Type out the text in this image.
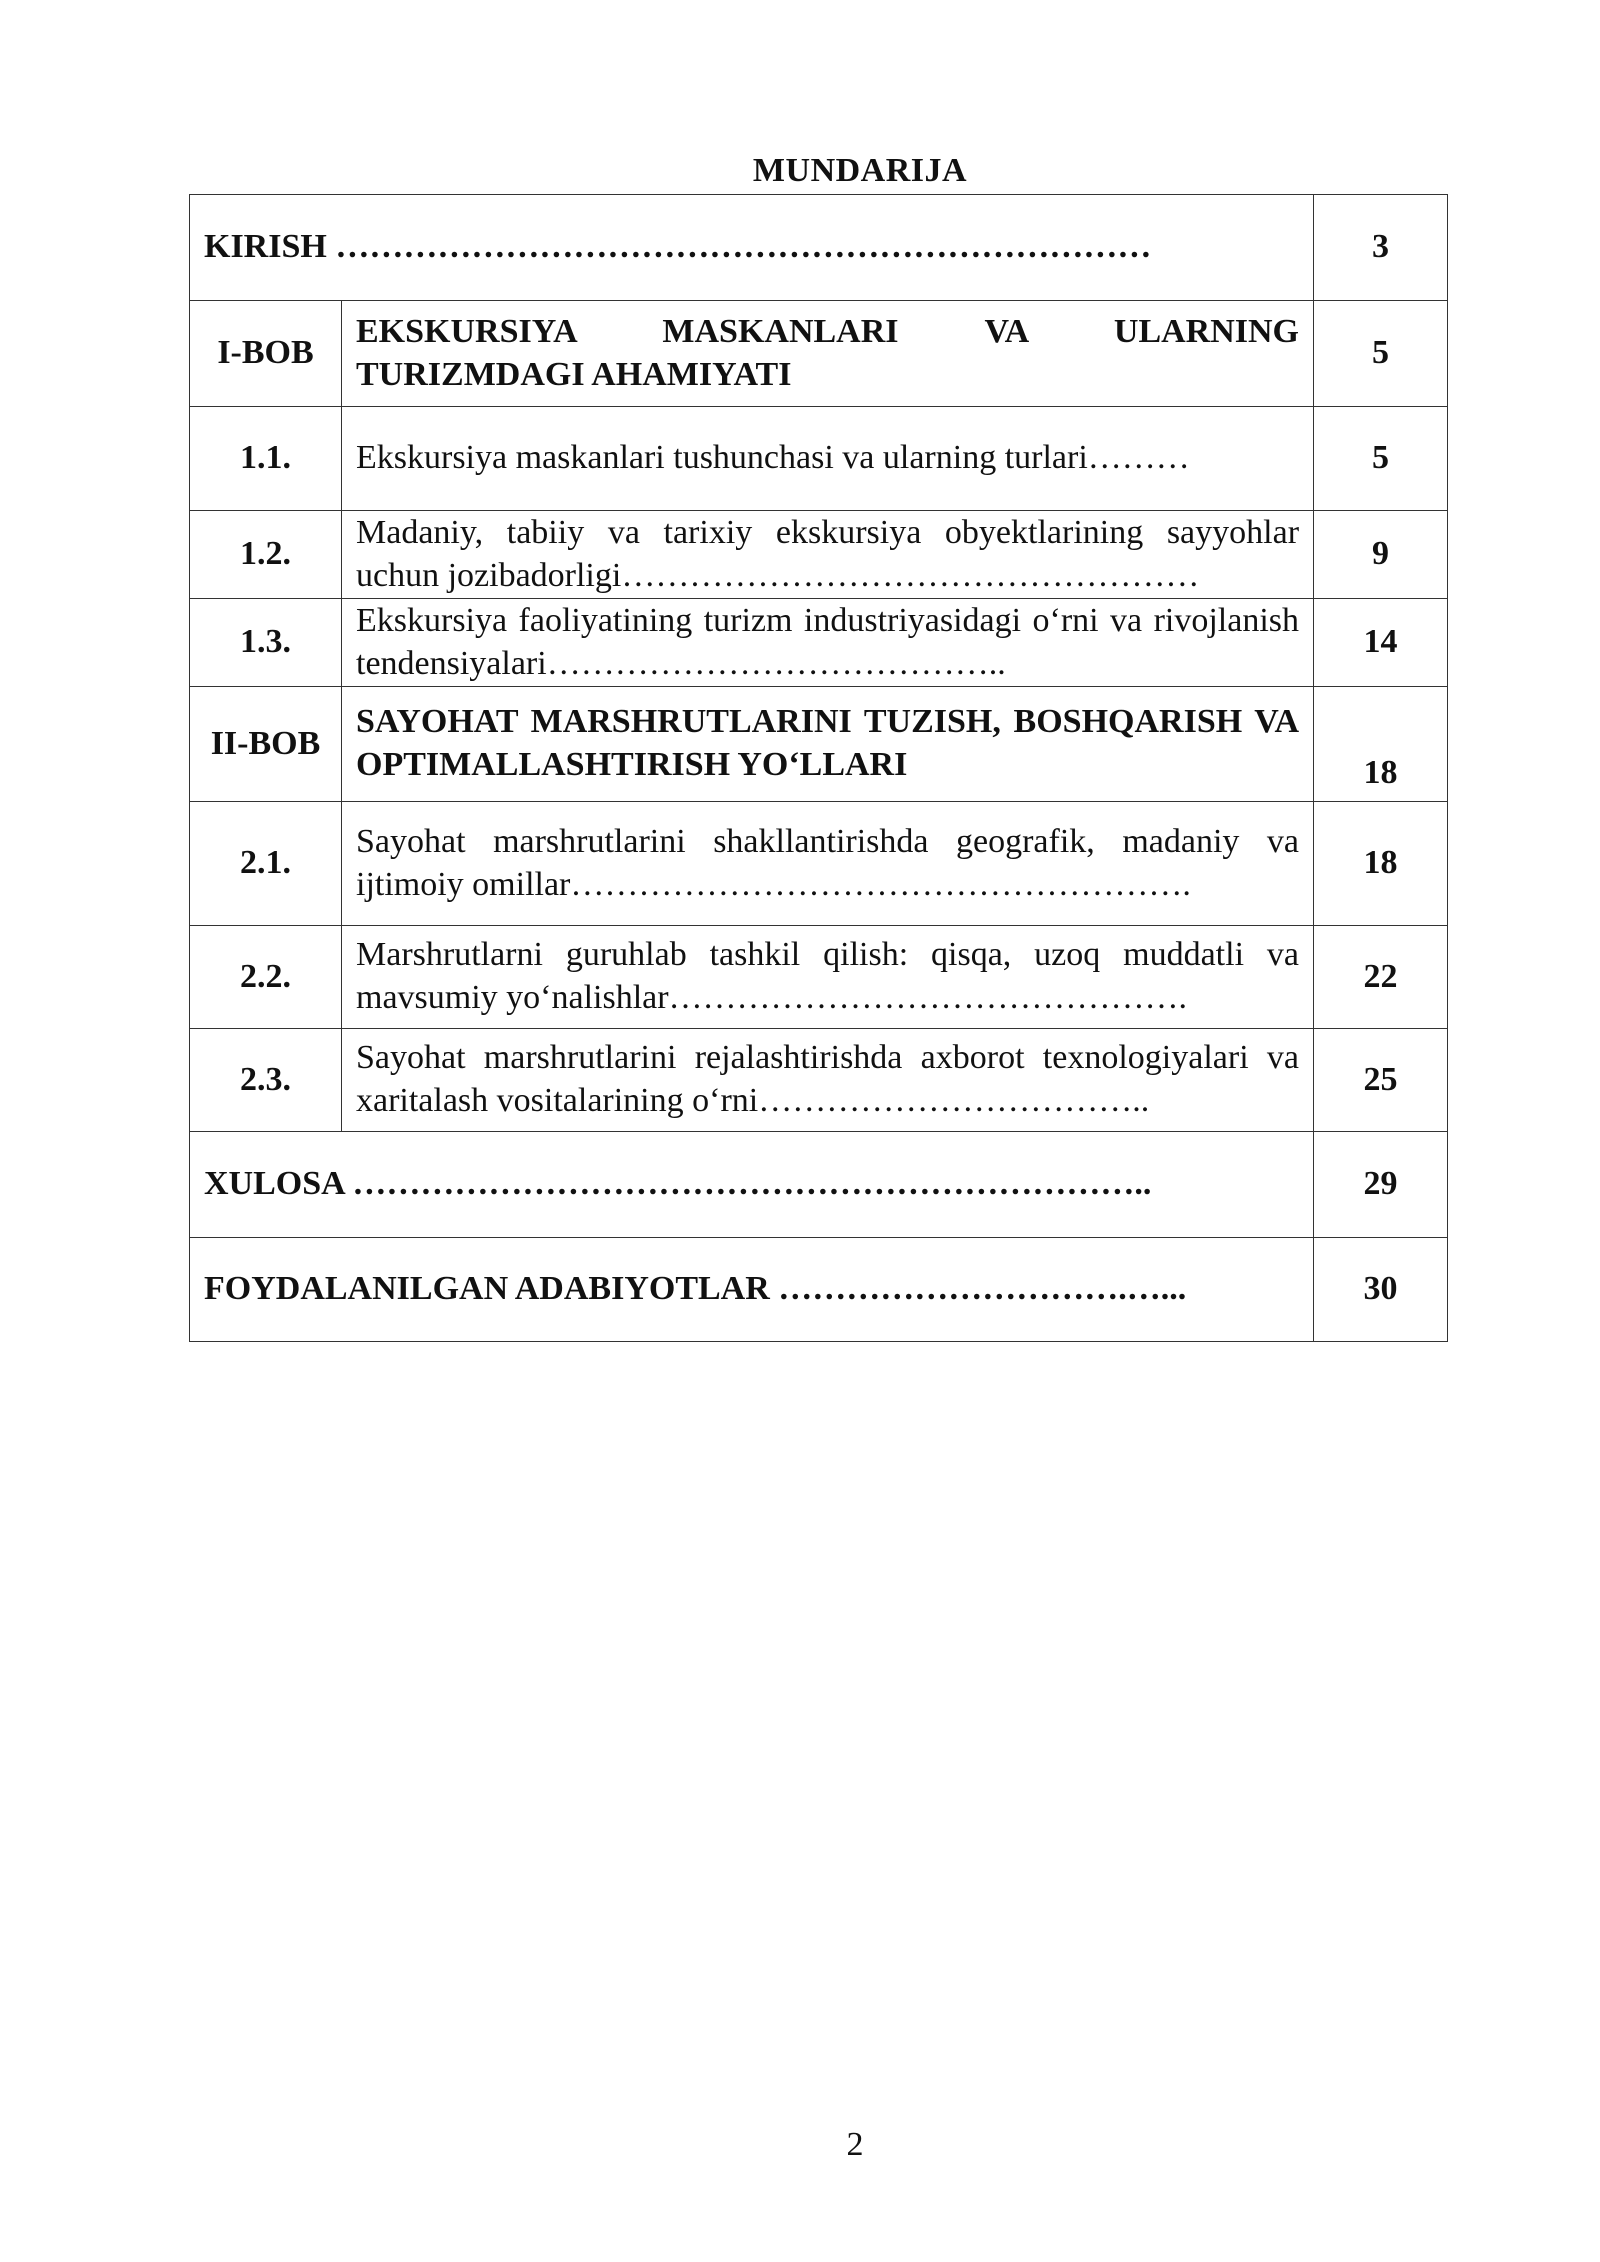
MUNDARIJA
KIRISH ………………………………………………………………		3
I-BOB	EKSKURSIYA MASKANLARI VA ULARNING TURIZMDAGI AHAMIYATI	5
1.1.	Ekskursiya maskanlari tushunchasi va ularning turlari………	5
1.2.	Madaniy, tabiiy va tarixiy ekskursiya obyektlarining sayyohlar uchun jozibadorligi……………………………………………	9
1.3.	Ekskursiya faoliyatining turizm industriyasidagi o‘rni va rivojlanish tendensiyalari…………………………………..	14
II-BOB	SAYOHAT MARSHRUTLARINI TUZISH, BOSHQARISH VA OPTIMALLASHTIRISH YO‘LLARI	18
2.1.	Sayohat marshrutlarini shakllantirishda geografik, madaniy va ijtimoiy omillar……………………………………………….	18
2.2.	Marshrutlarni guruhlab tashkil qilish: qisqa, uzoq muddatli va mavsumiy yo‘nalishlar……………………………………….	22
2.3.	Sayohat marshrutlarini rejalashtirishda axborot texnologiyalari va xaritalash vositalarining o‘rni……………………………..	25
XULOSA ……………………………………………………………..		29
FOYDALANILGAN ADABIYOTLAR ………………………….…...		30
2
